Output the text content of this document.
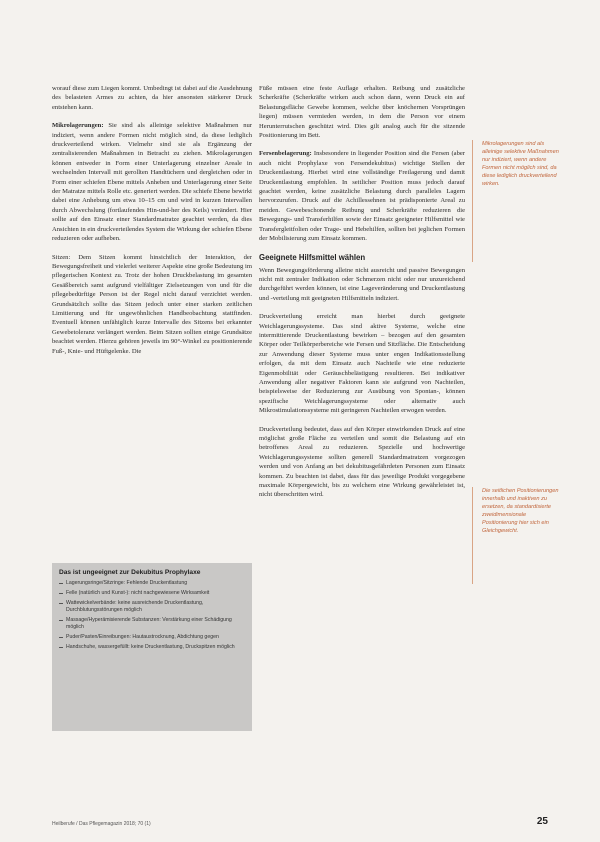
worauf diese zum Liegen kommt. Umbedingt ist dabei auf die Ausdehnung des belasteten Armes zu achten, da hier ansonsten stärkerer Druck entstehen kann.

Mikrolagerungen: Sie sind als alleinige selektive Maßnahmen nur indiziert, wenn andere Formen nicht möglich sind, da diese lediglich druckverteilend wirken. Vielmehr sind sie als Ergänzung der zentralisierenden Maßnahmen in Betracht zu ziehen. Mikrolagerungen können entweder in Form einer Unterlagerung einzelner Areale in wechselnden Intervall mit gerollten Handtüchern und dergleichen oder in Form einer schiefen Ebene mittels Anheben und Unterlagerung einer Seite der Matratze mittels Rolle etc. generiert werden. Die schiefe Ebene bewirkt dabei eine Anhebung um etwa 10–15 cm und wird in kurzen Intervallen durch Abwechslung (fortlaufendes Hin-und-her des Keils) verändert. Hier sollte auf den Einsatz einer Standardmatratze geachtet werden, da dies Ansichten in ein druckverteilendes System die Wirkung der schiefen Ebene reduzieren oder aufheben.

Sitzen: Dem Sitzen kommt hinsichtlich der Interaktion, der Bewegungsfreiheit und vielerlei weiterer Aspekte eine große Bedeutung im pflegerischen Kontext zu. Trotz der hohen Druckbelastung im gesamten Gesäßbereich samt aufgrund vielfältiger Zielsetzungen von und für die pflegebedürftige Person ist der Regel nicht darauf verzichtet werden. Grundsätzlich sollte das Sitzen jedoch unter einer starken zeitlichen Limitierung und für ungewöhnlichen Handbeobachtung stattfinden. Eventuell können unfähiglich kurze Intervalle des Sitzens bei erkannter Gewebetoleranz verlängert werden. Beim Sitzen sollten einige Grundsätze beachtet werden. Hierzu gehören jeweils im 90°-Winkel zu positionierende Fuß-, Knie- und Hüftgelenke. Die

Das ist ungeeignet zur Dekubitus Prophylaxe
Lagerungsringe/Sitzringe: Fehlende Druckentlastung
Felle (natürlich und Kunst-): nicht nachgewiesene Wirksamkeit
Wattewickelverbände: keine ausreichende Druckentlastung, Durchblutungsstörungen möglich
Massage/Hyperämisierende Substanzen: Verstärkung einer Schädigung möglich
Puder/Pasten/Einreibungen: Hautaustrocknung, Abdichtung gegen
Handschuhe, wassergefüllt: keine Druckentlastung, Druckspitzen möglich

Füße müssen eine feste Auflage erhalten. Reibung und zusätzliche Scherkräfte (Scherkräfte wirken auch schon dann, wenn Druck ein auf Belastungsfläche Gewebe kommen, welche über knöchernen Vorsprüngen liegen) müssen vermieden werden, in dem die Person vor einem Herunterrutschen geschützt wird. Dies gilt analog auch für die sitzende Positionierung im Bett.

Fersenbelagerung: Insbesondere in liegender Position sind die Fersen (aber auch nicht Prophylaxe von Fersendekubitus) wichtige Stellen der Druckentlastung. Hierbei wird eine vollständige Freilagerung und damit Druckentlastung empfohlen. In seitlicher Position muss jedoch darauf geachtet werden, keine zusätzliche Belastung durch paralleles Lagern hervorzurufen. Druck auf die Achillessehnen ist prädisponierte Areal zu meiden. Gewebeschonende Reibung und Scherkräfte reduzieren die Bewegungs- und Transferhilfen sowie der Einsatz geeigneter Hilfsmittel wie Transfergleitfolien oder Trage- und Hebehilfen, sollten bei jeglichen Formen der Mobilisierung zum Einsatz kommen.

Geeignete Hilfsmittel wählen

Wenn Bewegungsförderung alleine nicht ausreicht und passive Bewegungen nicht mit zentraler Indikation oder Schmerzen nicht oder nur unzureichend durchgeführt werden können, ist eine Lageveränderung und Druckentlastung und -verteilung mit geeigneten Hilfsmitteln indiziert.

Druckverteilung erreicht man hierbei durch geeignete Weichlagerungssysteme. Das sind aktive Systeme, welche eine intermittierende Druckentlastung bewirken – bezogen auf den gesamten Körper oder Teilkörperbereiche wie Fersen und Sitzfläche. Die Entscheidung zur Anwendung dieser Systeme muss unter engen Indikationsstellung erfolgen, da mit dem Einsatz auch Nachteile wie eine reduzierte Eigenmobilität oder Geräuschbelästigung resultieren. Bei indikativer Anwendung aller negativer Faktoren kann sie aufgrund von Nachteilen, beispielsweise der Reduzierung zur Ausübung von Spontan-, können spezifische Weichlagerungssysteme oder alternativ auch Mikrostimulationssysteme mit geringeren Nachteilen erwogen werden.

Druckverteilung bedeutet, dass auf den Körper einwirkenden Druck auf eine möglichst große Fläche zu verteilen und somit die Belastung auf ein betroffenes Areal zu reduzieren. Spezielle und hochwertige Weichlagerungssysteme sollten generell Standardmatratzen vorgezogen werden und von Anfang an bei dekubitusgefährdeten Personen zum Einsatz kommen. Zu beachten ist dabei, dass für das jeweilige Produkt vorgegebene maximale Körpergewicht, bis zu welchem eine Wirkung gewährleistet ist, nicht überschritten wird.

Mikrolagerungen sind als alleinige selektive Maßnahmen nur indiziert, wenn andere Formen nicht möglich sind, da diese lediglich druckverteilend wirken.
Die seitlichen Positionierungen innerhalb und inaktiven zu ersetzen, da standardisierte zweidimensionale Positionierung hier sich ein Gleichgewicht.
Heilberufe / Das Pflegemagazin 2018; 70 (1)	25
